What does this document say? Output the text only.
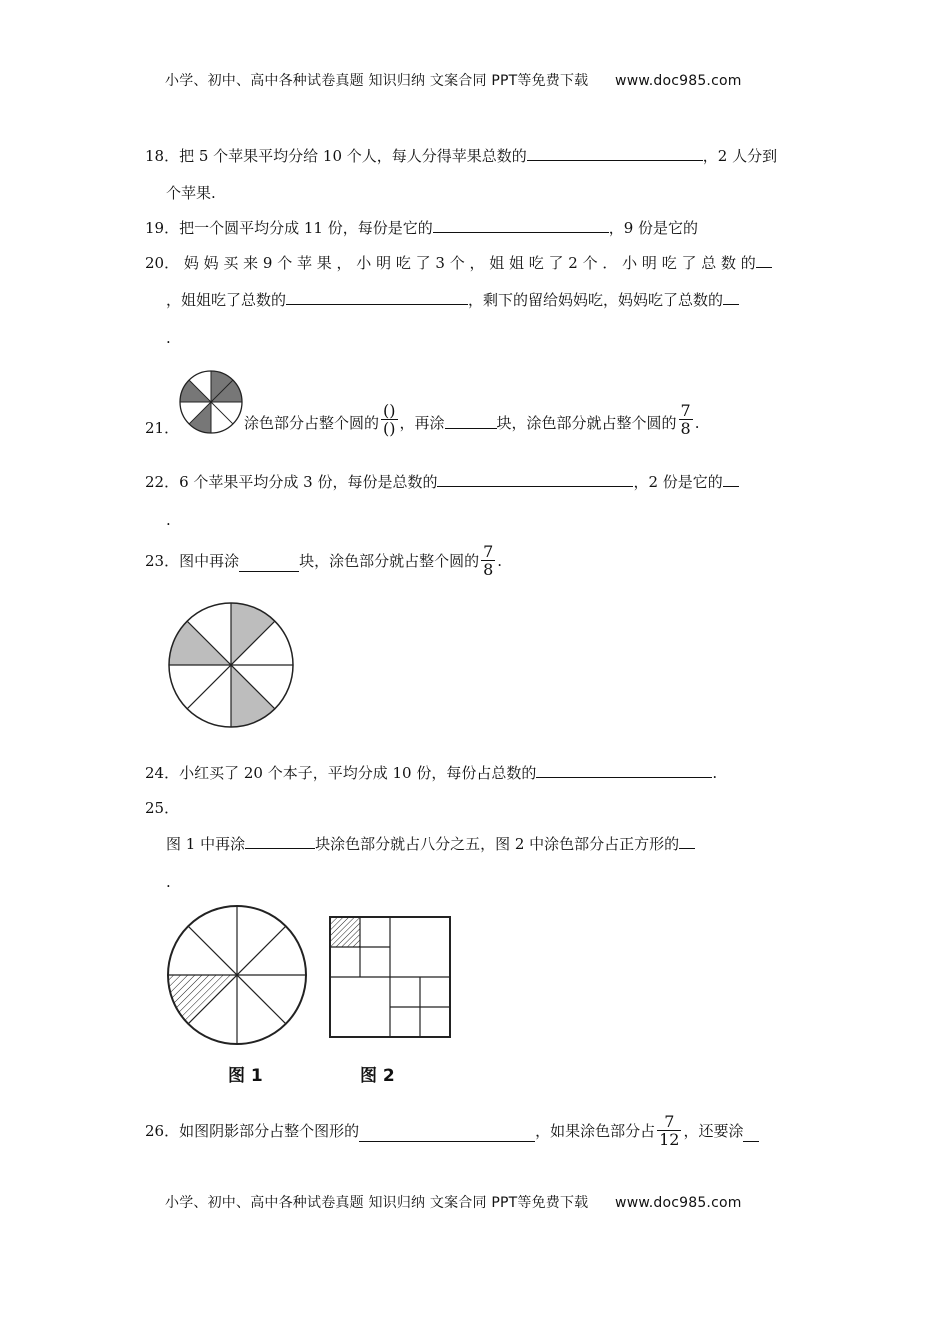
小学、初中、高中各种试卷真题 知识归纳 文案合同 PPT等免费下载 www.doc985.com
18．把 5 个苹果平均分给 10 个人，每人分得苹果总数的	，2 人分到
个苹果.
19．把一个圆平均分成 11 份，每份是它的	，9 份是它的
20． 妈 妈 买 来 9 个 苹 果 ， 小 明 吃 了 3 个 ， 姐 姐 吃 了 2 个 ． 小 明 吃 了 总 数 的
，姐姐吃了总数的	，剩下的留给妈妈吃，妈妈吃了总数的
.
21．	涂色部分占整个圆的 $\frac{()}{()}$ ，再涂	块，涂色部分就占整个圆的 $\frac{7}{8}$ .
22．6 个苹果平均分成 3 份，每份是总数的	，2 份是它的
.
23．图中再涂	块，涂色部分就占整个圆的 $\frac{7}{8}$ .
24．小红买了 20 个本子，平均分成 10 份，每份占总数的	.
25．
图 1 中再涂	块涂色部分就占八分之五，图 2 中涂色部分占正方形的
.
图 1	图 2
26．如图阴影部分占整个图形的	，如果涂色部分占 $\frac{7}{12}$ ，还要涂
小学、初中、高中各种试卷真题 知识归纳 文案合同 PPT等免费下载 www.doc985.com
